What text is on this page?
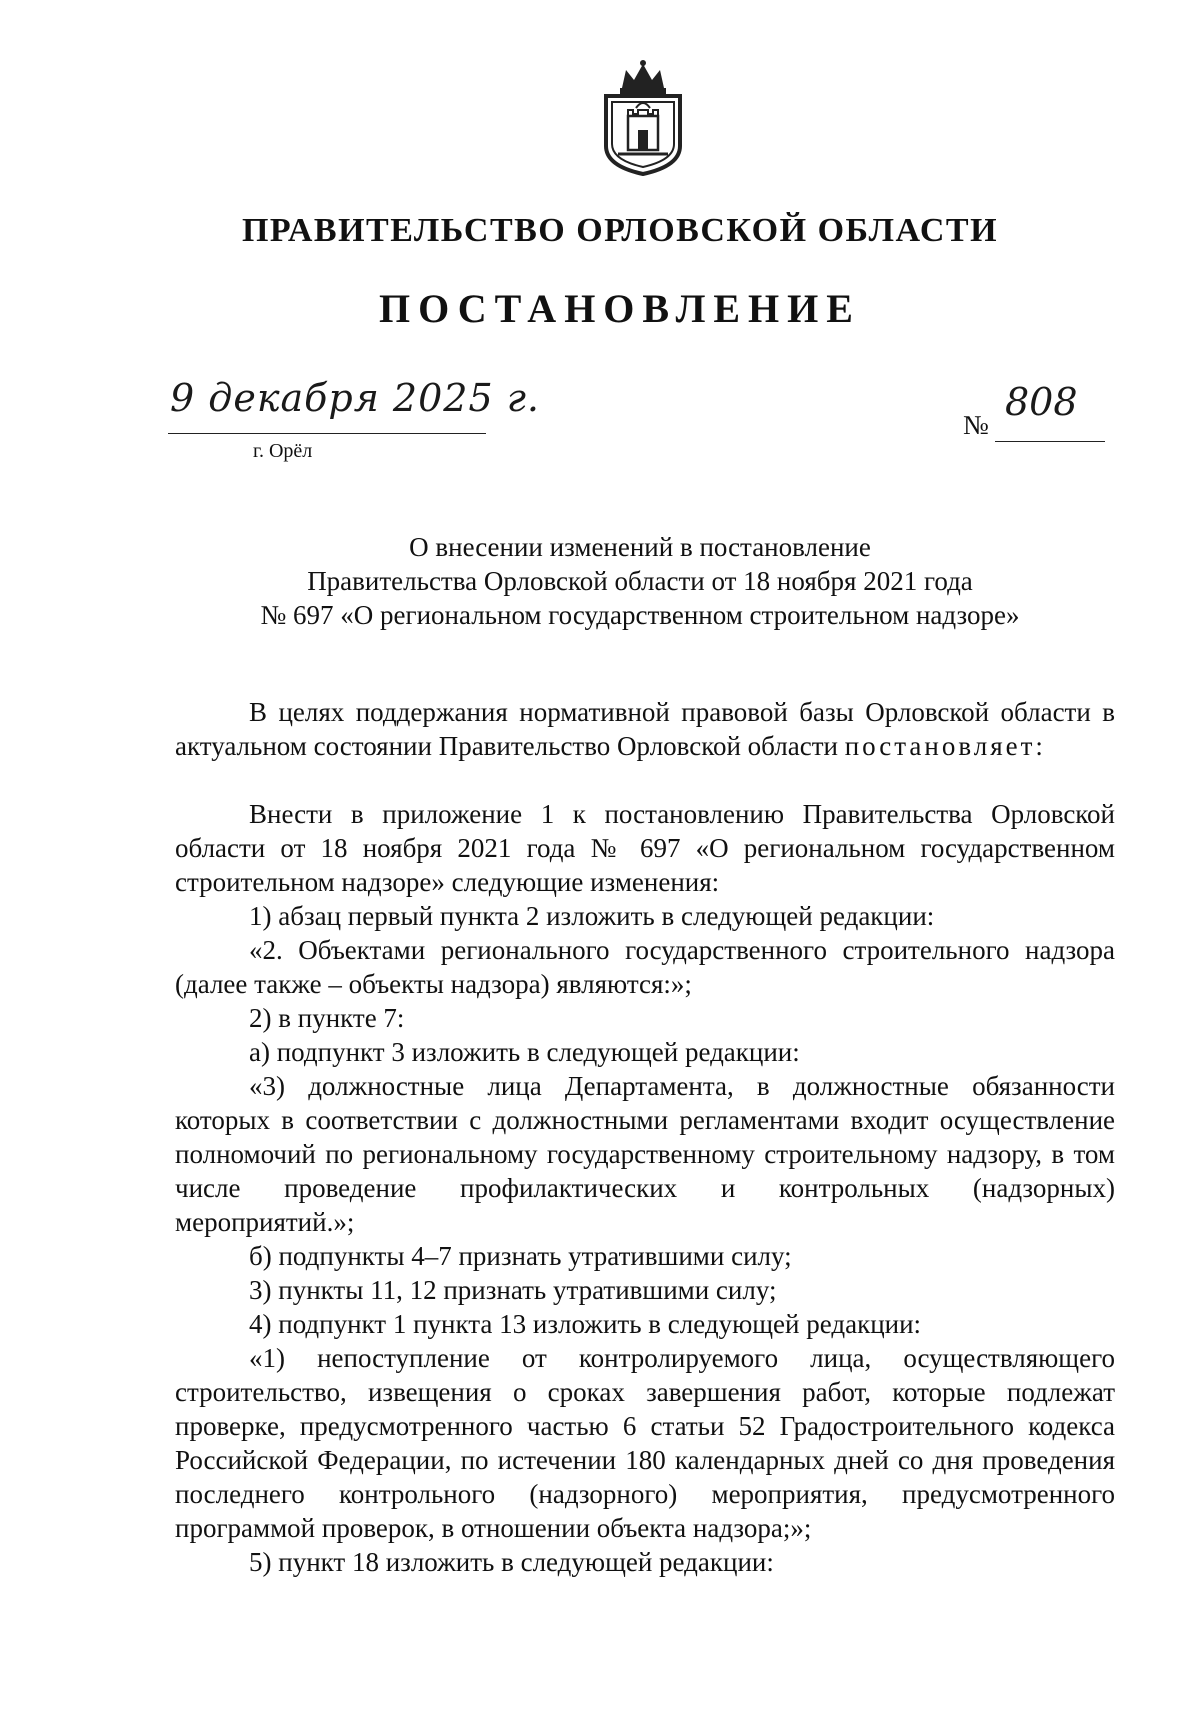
ПРАВИТЕЛЬСТВО ОРЛОВСКОЙ ОБЛАСТИ
ПОСТАНОВЛЕНИЕ
9 декабря 2025 г.
г. Орёл
№
808
О внесении изменений в постановление
Правительства Орловской области от 18 ноября 2021 года
№ 697 «О региональном государственном строительном надзоре»

В целях поддержания нормативной правовой базы Орловской области в актуальном состоянии Правительство Орловской области постановляет:

Внести в приложение 1 к постановлению Правительства Орловской области от 18 ноября 2021 года № 697 «О региональном государственном строительном надзоре» следующие изменения:

1) абзац первый пункта 2 изложить в следующей редакции:

«2. Объектами регионального государственного строительного надзора (далее также – объекты надзора) являются:»;

2) в пункте 7:

а) подпункт 3 изложить в следующей редакции:

«3) должностные лица Департамента, в должностные обязанности которых в соответствии с должностными регламентами входит осуществление полномочий по региональному государственному строительному надзору, в том числе проведение профилактических и контрольных (надзорных) мероприятий.»;

б) подпункты 4–7 признать утратившими силу;

3) пункты 11, 12 признать утратившими силу;

4) подпункт 1 пункта 13 изложить в следующей редакции:

«1) непоступление от контролируемого лица, осуществляющего строительство, извещения о сроках завершения работ, которые подлежат проверке, предусмотренного частью 6 статьи 52 Градостроительного кодекса Российской Федерации, по истечении 180 календарных дней со дня проведения последнего контрольного (надзорного) мероприятия, предусмотренного программой проверок, в отношении объекта надзора;»;

5) пункт 18 изложить в следующей редакции:
